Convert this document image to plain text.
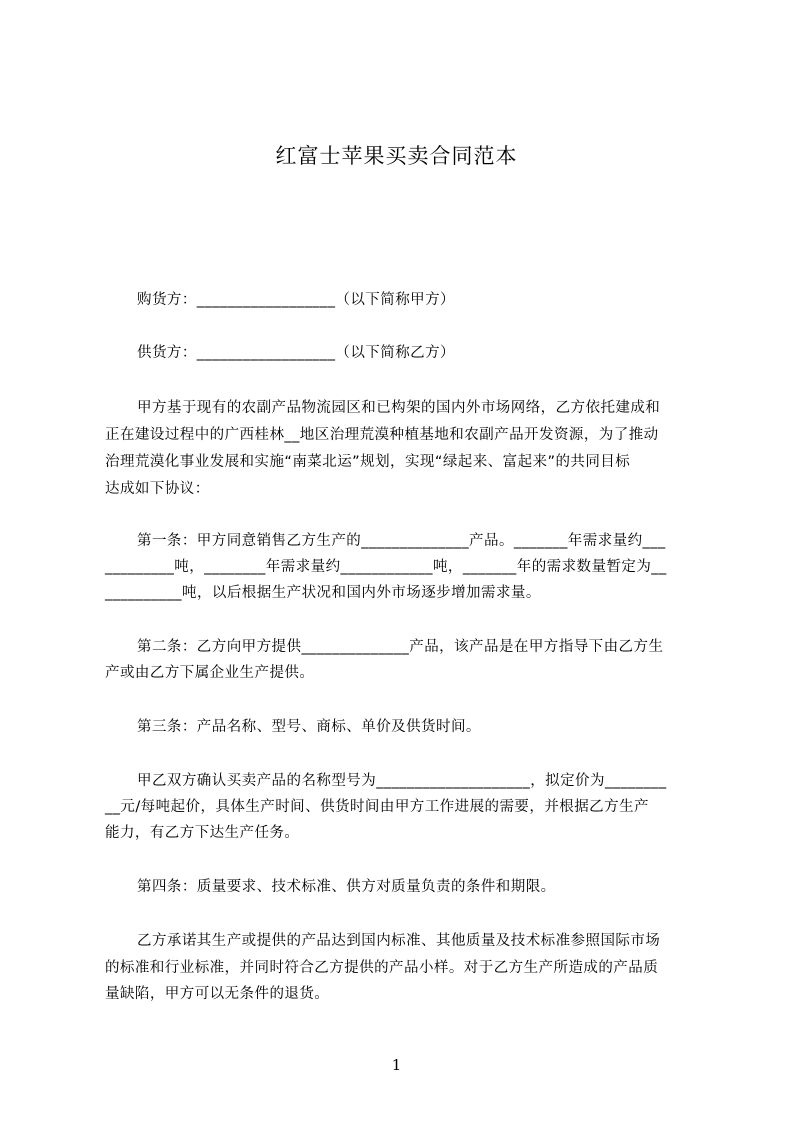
红富士苹果买卖合同范本
购货方：__________________（以下简称甲方）
供货方：__________________（以下简称乙方）
甲方基于现有的农副产品物流园区和已构架的国内外市场网络，乙方依托建成和
正在建设过程中的广西桂林__地区治理荒漠种植基地和农副产品开发资源，为了推动
治理荒漠化事业发展和实施“南菜北运”规划，实现“绿起来、富起来”的共同目标
达成如下协议：
第一条：甲方同意销售乙方生产的______________产品。_______年需求量约___
_________吨，________年需求量约____________吨，_______年的需求数量暂定为__
__________吨，以后根据生产状况和国内外市场逐步增加需求量。
第二条：乙方向甲方提供______________产品，该产品是在甲方指导下由乙方生
产或由乙方下属企业生产提供。
第三条：产品名称、型号、商标、单价及供货时间。
甲乙双方确认买卖产品的名称型号为____________________，拟定价为________
__元/每吨起价，具体生产时间、供货时间由甲方工作进展的需要，并根据乙方生产
能力，有乙方下达生产任务。
第四条：质量要求、技术标准、供方对质量负责的条件和期限。
乙方承诺其生产或提供的产品达到国内标准、其他质量及技术标准参照国际市场
的标准和行业标准，并同时符合乙方提供的产品小样。对于乙方生产所造成的产品质
量缺陷，甲方可以无条件的退货。
1
